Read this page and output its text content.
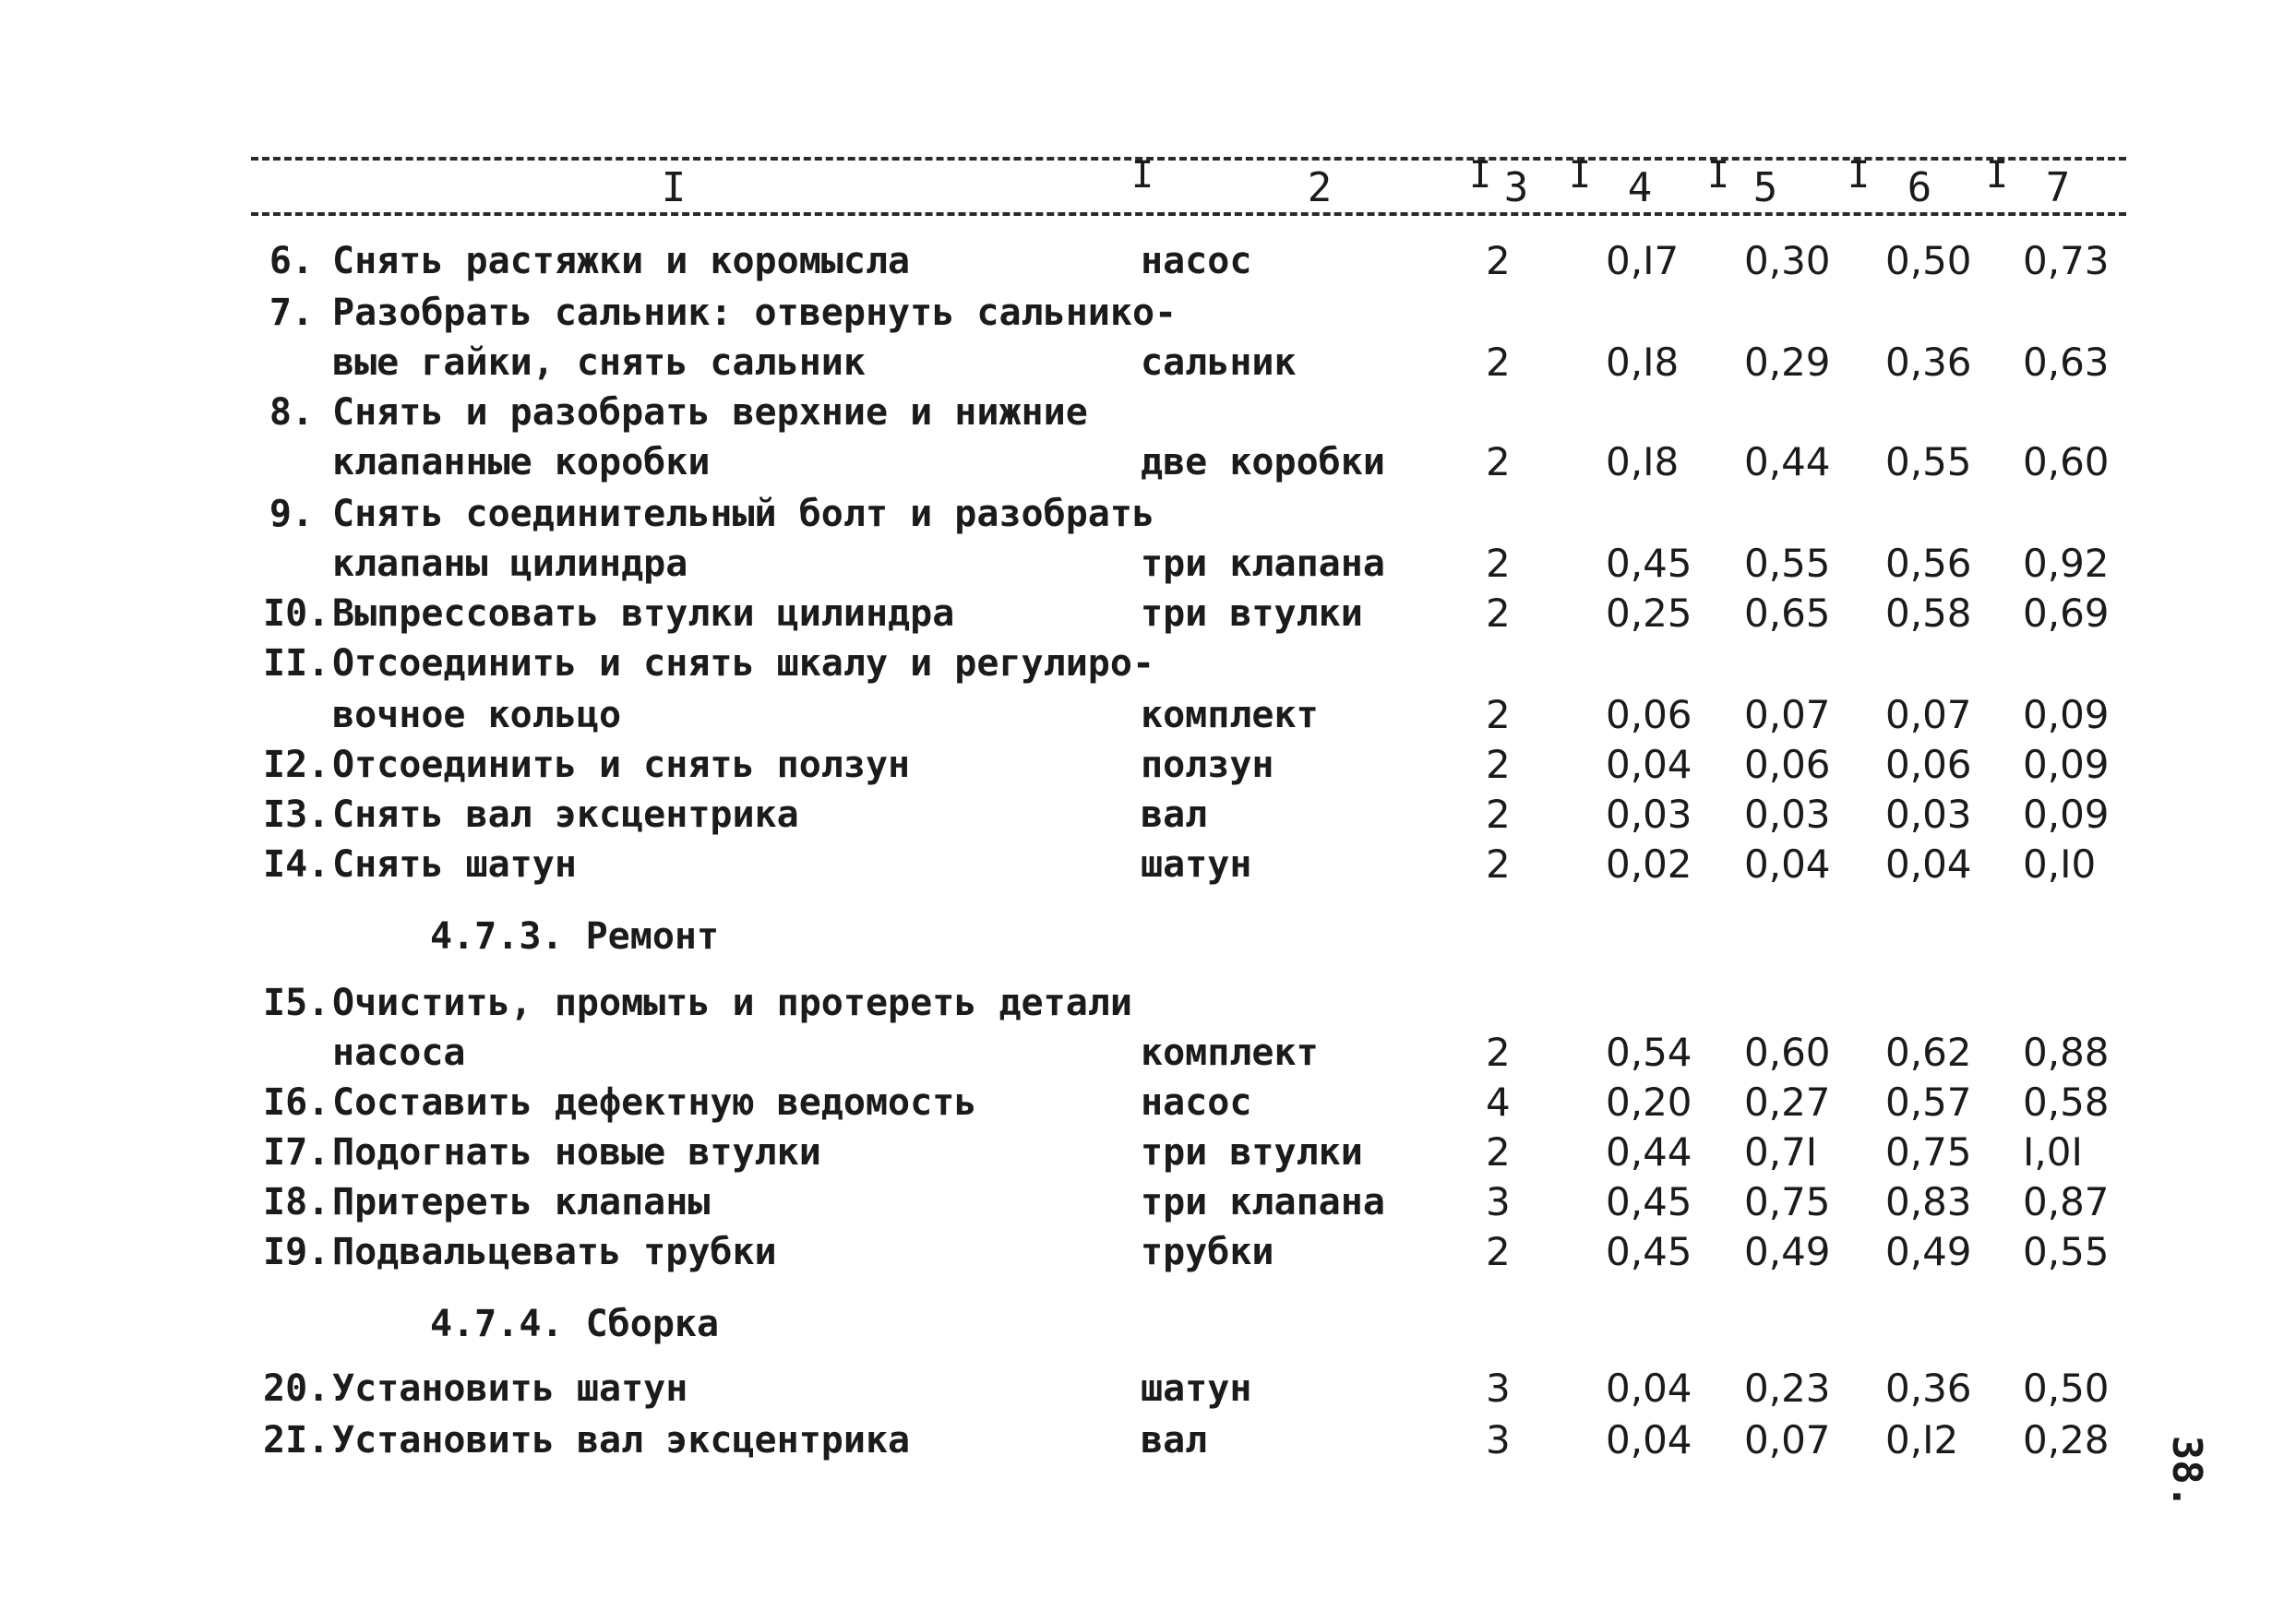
I	I	2	I 3 I 4 I 5 I 6 I 7
6. Снять растяжки и коромысла	насос	2 0,I7 0,30 0,50 0,73
7. Разобрать сальник: отвернуть сальнико-
вые гайки, снять сальник	сальник	2 0,I8 0,29 0,36 0,63
8. Снять и разобрать верхние и нижние
клапанные коробки	две коробки	2 0,I8 0,44 0,55 0,60
9. Снять соединительный болт и разобрать
клапаны цилиндра	три клапана	2 0,45 0,55 0,56 0,92
I0. Выпрессовать втулки цилиндра	три втулки	2 0,25 0,65 0,58 0,69
II. Отсоединить и снять шкалу и регулиро-
вочное кольцо	комплект	2 0,06 0,07 0,07 0,09
I2. Отсоединить и снять ползун	ползун	2 0,04 0,06 0,06 0,09
I3. Снять вал эксцентрика	вал	2 0,03 0,03 0,03 0,09
I4. Снять шатун	шатун	2 0,02 0,04 0,04 0,I0
4.7.3. Ремонт
I5. Очистить, промыть и протереть детали
насоса	комплект	2 0,54 0,60 0,62 0,88
I6. Составить дефектную ведомость	насос	4 0,20 0,27 0,57 0,58
I7. Подогнать новые втулки	три втулки	2 0,44 0,7I 0,75 I,0I
I8. Притереть клапаны	три клапана	3 0,45 0,75 0,83 0,87
I9. Подвальцевать трубки	трубки	2 0,45 0,49 0,49 0,55
4.7.4. Сборка
20. Установить шатун	шатун	3 0,04 0,23 0,36 0,50
2I. Установить вал эксцентрика	вал	3 0,04 0,07 0,I2 0,28 38.
